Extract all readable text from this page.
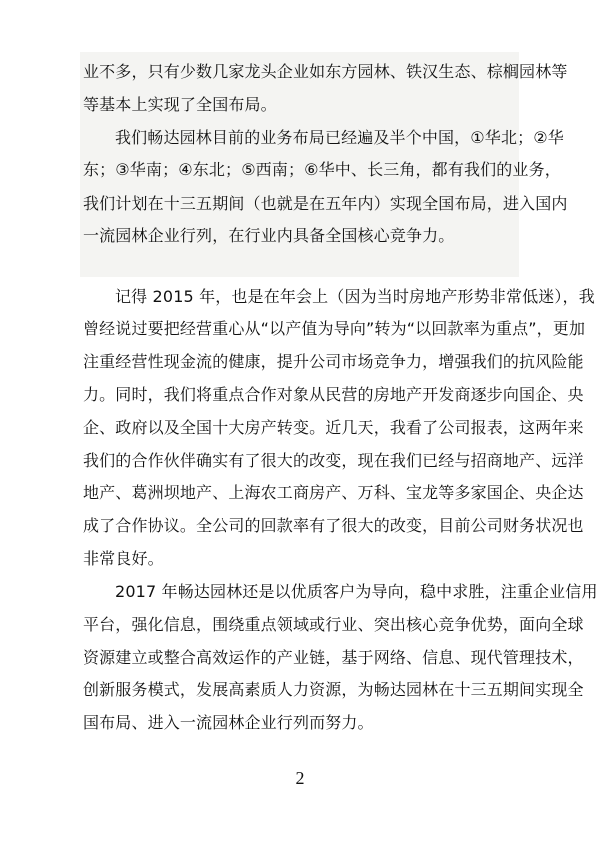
业不多，只有少数几家龙头企业如东方园林、铁汉生态、棕榈园林等

等基本上实现了全国布局。

我们畅达园林目前的业务布局已经遍及半个中国，①华北；②华

东；③华南；④东北；⑤西南；⑥华中、长三角，都有我们的业务，

我们计划在十三五期间（也就是在五年内）实现全国布局，进入国内

一流园林企业行列，在行业内具备全国核心竞争力。

记得 2015 年，也是在年会上（因为当时房地产形势非常低迷），我

曾经说过要把经营重心从“以产值为导向”转为“以回款率为重点”，更加

注重经营性现金流的健康，提升公司市场竞争力，增强我们的抗风险能

力。同时，我们将重点合作对象从民营的房地产开发商逐步向国企、央

企、政府以及全国十大房产转变。近几天，我看了公司报表，这两年来

我们的合作伙伴确实有了很大的改变，现在我们已经与招商地产、远洋

地产、葛洲坝地产、上海农工商房产、万科、宝龙等多家国企、央企达

成了合作协议。全公司的回款率有了很大的改变，目前公司财务状况也

非常良好。

2017 年畅达园林还是以优质客户为导向，稳中求胜，注重企业信用

平台，强化信息，围绕重点领域或行业、突出核心竞争优势，面向全球

资源建立或整合高效运作的产业链，基于网络、信息、现代管理技术，

创新服务模式，发展高素质人力资源，为畅达园林在十三五期间实现全

国布局、进入一流园林企业行列而努力。

2
